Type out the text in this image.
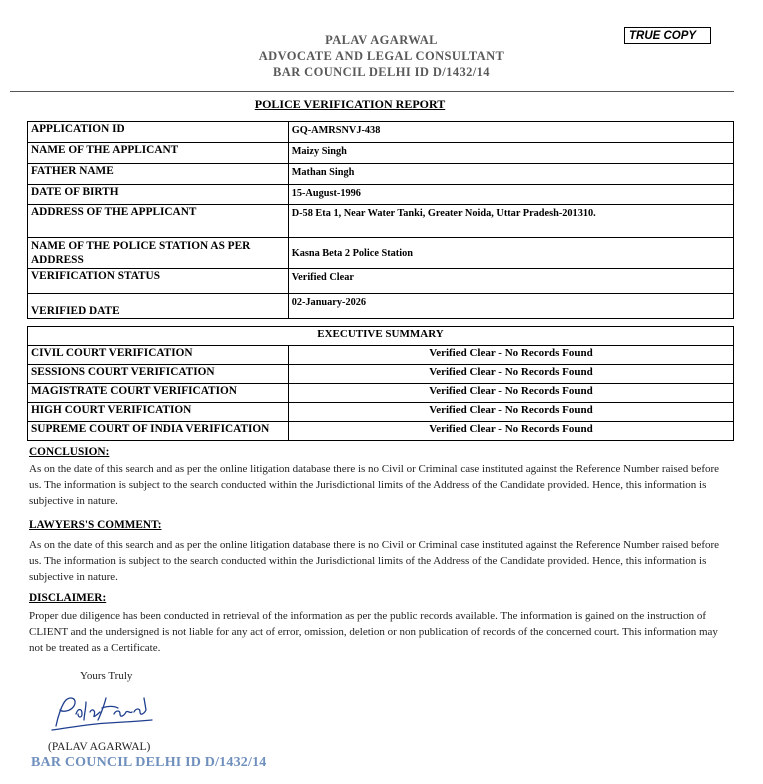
PALAV AGARWAL
ADVOCATE AND LEGAL CONSULTANT
BAR COUNCIL DELHI ID D/1432/14
TRUE COPY
POLICE VERIFICATION REPORT
APPLICATION ID	GQ-AMRSNVJ-438
NAME OF THE APPLICANT	Maizy Singh
FATHER NAME	Mathan Singh
DATE OF BIRTH	15-August-1996
ADDRESS OF THE APPLICANT	D-58 Eta 1, Near Water Tanki, Greater Noida, Uttar Pradesh-201310.
NAME OF THE POLICE STATION AS PER ADDRESS	Kasna Beta 2 Police Station
VERIFICATION STATUS	Verified Clear
VERIFIED DATE	02-January-2026
EXECUTIVE SUMMARY	
CIVIL COURT VERIFICATION	Verified Clear - No Records Found
SESSIONS COURT VERIFICATION	Verified Clear - No Records Found
MAGISTRATE COURT VERIFICATION	Verified Clear - No Records Found
HIGH COURT VERIFICATION	Verified Clear - No Records Found
SUPREME COURT OF INDIA VERIFICATION	Verified Clear - No Records Found
CONCLUSION:
As on the date of this search and as per the online litigation database there is no Civil or Criminal case instituted against the Reference Number raised before us. The information is subject to the search conducted within the Jurisdictional limits of the Address of the Candidate provided. Hence, this information is subjective in nature.
LAWYERS'S COMMENT:
As on the date of this search and as per the online litigation database there is no Civil or Criminal case instituted against the Reference Number raised before us. The information is subject to the search conducted within the Jurisdictional limits of the Address of the Candidate provided. Hence, this information is subjective in nature.
DISCLAIMER:
Proper due diligence has been conducted in retrieval of the information as per the public records available. The information is gained on the instruction of CLIENT and the undersigned is not liable for any act of error, omission, deletion or non publication of records of the concerned court. This information may not be treated as a Certificate.
Yours Truly
(PALAV AGARWAL)
BAR COUNCIL DELHI ID D/1432/14
